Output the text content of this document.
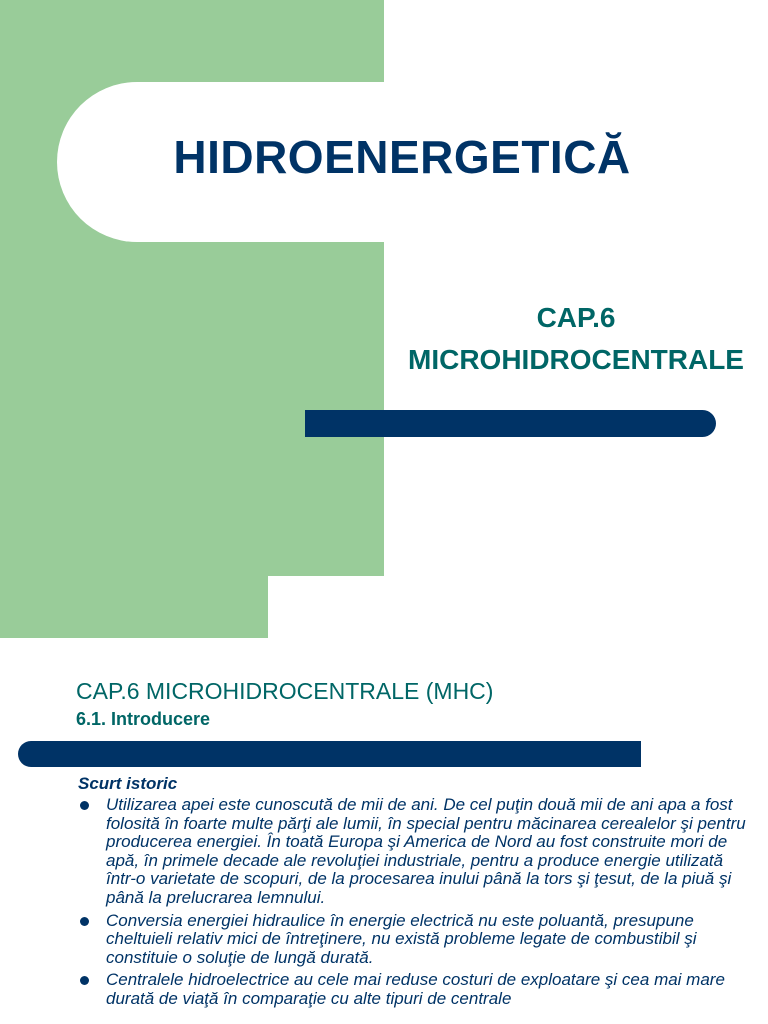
HIDROENERGETICĂ
CAP.6
MICROHIDROCENTRALE
CAP.6 MICROHIDROCENTRALE (MHC)
6.1. Introducere
Scurt istoric
Utilizarea apei este cunoscută de mii de ani. De cel puţin două mii de ani apa a fost folosită în foarte multe părţi ale lumii, în special pentru măcinarea cerealelor şi pentru producerea energiei. În toată Europa şi America de Nord au fost construite mori de apă, în primele decade ale revoluţiei industriale, pentru a produce energie utilizată într-o varietate de scopuri, de la procesarea inului până la tors şi ţesut, de la piuă şi până la prelucrarea lemnului.
Conversia energiei hidraulice în energie electrică nu este poluantă, presupune cheltuieli relativ mici de întreţinere, nu există probleme legate de combustibil şi constituie o soluţie de lungă durată.
Centralele hidroelectrice au cele mai reduse costuri de exploatare şi cea mai mare durată de viaţă în comparaţie cu alte tipuri de centrale
